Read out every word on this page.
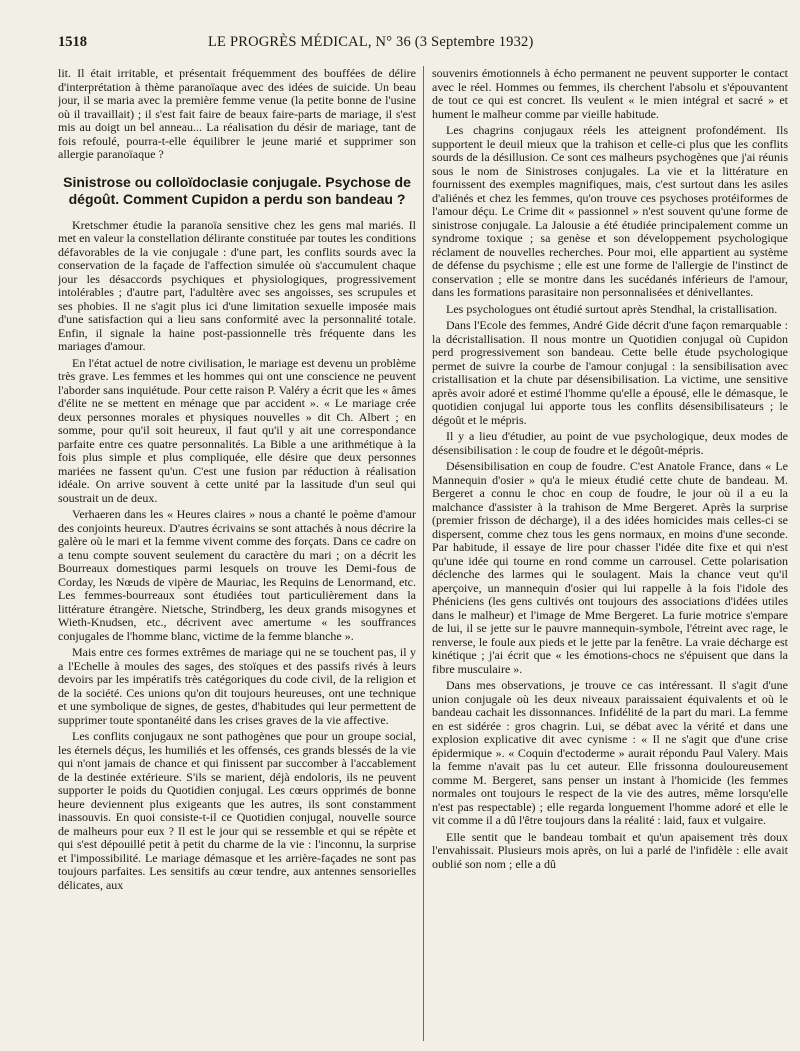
1518	LE PROGRÈS MÉDICAL, N° 36 (3 Septembre 1932)

lit. Il était irritable, et présentait fréquemment des bouffées de délire d'interprétation à thème paranoïaque avec des idées de suicide. Un beau jour, il se maria avec la première femme venue (la petite bonne de l'usine où il travaillait) ; il s'est fait faire de beaux faire-parts de mariage, il s'est mis au doigt un bel anneau... La réalisation du désir de mariage, tant de fois refoulé, pourra-t-elle équilibrer le jeune marié et supprimer son allergie paranoïaque ?

Sinistrose ou colloïdoclasie conjugale. Psychose de dégoût. Comment Cupidon a perdu son bandeau ?

Kretschmer étudie la paranoïa sensitive chez les gens mal mariés. Il met en valeur la constellation délirante constituée par toutes les conditions défavorables de la vie conjugale : d'une part, les conflits sourds avec la conservation de la façade de l'affection simulée où s'accumulent chaque jour les désaccords psychiques et physiologiques, progressivement intolérables ; d'autre part, l'adultère avec ses angoisses, ses scrupules et ses phobies. Il ne s'agit plus ici d'une limitation sexuelle imposée mais d'une satisfaction qui a lieu sans conformité avec la personnalité totale. Enfin, il signale la haine post-passionnelle très fréquente dans les mariages d'amour.

En l'état actuel de notre civilisation, le mariage est devenu un problème très grave. Les femmes et les hommes qui ont une conscience ne peuvent l'aborder sans inquiétude. Pour cette raison P. Valéry a écrit que les « âmes d'élite ne se mettent en ménage que par accident ». « Le mariage crée deux personnes morales et physiques nouvelles » dit Ch. Albert ; en somme, pour qu'il soit heureux, il faut qu'il y ait une correspondance parfaite entre ces quatre personnalités. La Bible a une arithmétique à la fois plus simple et plus compliquée, elle désire que deux personnes mariées ne fassent qu'un. C'est une fusion par réduction à réalisation idéale. On arrive souvent à cette unité par la lassitude d'un seul qui soustrait un de deux.

Verhaeren dans les « Heures claires » nous a chanté le poème d'amour des conjoints heureux. D'autres écrivains se sont attachés à nous décrire la galère où le mari et la femme vivent comme des forçats. Dans ce cadre on a tenu compte souvent seulement du caractère du mari ; on a décrit les Bourreaux domestiques parmi lesquels on trouve les Demi-fous de Corday, les Nœuds de vipère de Mauriac, les Requins de Lenormand, etc. Les femmes-bourreaux sont étudiées tout particulièrement dans la littérature étrangère. Nietsche, Strindberg, les deux grands misogynes et Wieth-Knudsen, etc., décrivent avec amertume « les souffrances conjugales de l'homme blanc, victime de la femme blanche ».

Mais entre ces formes extrêmes de mariage qui ne se touchent pas, il y a l'Echelle à moules des sages, des stoïques et des passifs rivés à leurs devoirs par les impératifs très catégoriques du code civil, de la religion et de la société. Ces unions qu'on dit toujours heureuses, ont une technique et une symbolique de signes, de gestes, d'habitudes qui leur permettent de supprimer toute spontanéité dans les crises graves de la vie affective.

Les conflits conjugaux ne sont pathogènes que pour un groupe social, les éternels déçus, les humiliés et les offensés, ces grands blessés de la vie qui n'ont jamais de chance et qui finissent par succomber à l'accablement de la destinée extérieure. S'ils se marient, déjà endoloris, ils ne peuvent supporter le poids du Quotidien conjugal. Les cœurs opprimés de bonne heure deviennent plus exigeants que les autres, ils sont constamment inassouvis. En quoi consiste-t-il ce Quotidien conjugal, nouvelle source de malheurs pour eux ? Il est le jour qui se ressemble et qui se répète et qui s'est dépouillé petit à petit du charme de la vie : l'inconnu, la surprise et l'impossibilité. Le mariage démasque et les arrière-façades ne sont pas toujours parfaites. Les sensitifs au cœur tendre, aux antennes sensorielles délicates, aux

souvenirs émotionnels à écho permanent ne peuvent supporter le contact avec le réel. Hommes ou femmes, ils cherchent l'absolu et s'épouvantent de tout ce qui est concret. Ils veulent « le mien intégral et sacré » et hument le malheur comme par vieille habitude.

Les chagrins conjugaux réels les atteignent profondément. Ils supportent le deuil mieux que la trahison et celle-ci plus que les conflits sourds de la désillusion. Ce sont ces malheurs psychogènes que j'ai réunis sous le nom de Sinistroses conjugales. La vie et la littérature en fournissent des exemples magnifiques, mais, c'est surtout dans les asiles d'aliénés et chez les femmes, qu'on trouve ces psychoses protéiformes de l'amour déçu. Le Crime dit « passionnel » n'est souvent qu'une forme de sinistrose conjugale. La Jalousie a été étudiée principalement comme un syndrome toxique ; sa genèse et son développement psychologique réclament de nouvelles recherches. Pour moi, elle appartient au système de défense du psychisme ; elle est une forme de l'allergie de l'instinct de conservation ; elle se montre dans les sucédanés inférieurs de l'amour, dans les formations parasitaire non personnalisées et dénivellantes.

Les psychologues ont étudié surtout après Stendhal, la cristallisation.

Dans l'Ecole des femmes, André Gide décrit d'une façon remarquable : la décristallisation. Il nous montre un Quotidien conjugal où Cupidon perd progressivement son bandeau. Cette belle étude psychologique permet de suivre la courbe de l'amour conjugal : la sensibilisation avec cristallisation et la chute par désensibilisation. La victime, une sensitive après avoir adoré et estimé l'homme qu'elle a épousé, elle le démasque, le quotidien conjugal lui apporte tous les conflits désensibilisateurs ; le dégoût et le mépris.

Il y a lieu d'étudier, au point de vue psychologique, deux modes de désensibilisation : le coup de foudre et le dégoût-mépris.

Désensibilisation en coup de foudre. C'est Anatole France, dans « Le Mannequin d'osier » qu'a le mieux étudié cette chute de bandeau. M. Bergeret a connu le choc en coup de foudre, le jour où il a eu la malchance d'assister à la trahison de Mme Bergeret. Après la surprise (premier frisson de décharge), il a des idées homicides mais celles-ci se dispersent, comme chez tous les gens normaux, en moins d'une seconde. Par habitude, il essaye de lire pour chasser l'idée dite fixe et qui n'est qu'une idée qui tourne en rond comme un carrousel. Cette polarisation déclenche des larmes qui le soulagent. Mais la chance veut qu'il aperçoive, un mannequin d'osier qui lui rappelle à la fois l'idole des Phéniciens (les gens cultivés ont toujours des associations d'idées utiles dans le malheur) et l'image de Mme Bergeret. La furie motrice s'empare de lui, il se jette sur le pauvre mannequin-symbole, l'étreint avec rage, le renverse, le foule aux pieds et le jette par la fenêtre. La vraie décharge est kinétique ; j'ai écrit que « les émotions-chocs ne s'épuisent que dans la fibre musculaire ».

Dans mes observations, je trouve ce cas intéressant. Il s'agit d'une union conjugale où les deux niveaux paraissaient équivalents et où le bandeau cachait les dissonnances. Infidélité de la part du mari. La femme en est sidérée : gros chagrin. Lui, se débat avec la vérité et dans une explosion explicative dit avec cynisme : « Il ne s'agit que d'une crise épidermique ». « Coquin d'ectoderme » aurait répondu Paul Valery. Mais la femme n'avait pas lu cet auteur. Elle frissonna douloureusement comme M. Bergeret, sans penser un instant à l'homicide (les femmes normales ont toujours le respect de la vie des autres, même lorsqu'elle n'est pas respectable) ; elle regarda longuement l'homme adoré et elle le vit comme il a dû l'être toujours dans la réalité : laid, faux et vulgaire.

Elle sentit que le bandeau tombait et qu'un apaisement très doux l'envahissait. Plusieurs mois après, on lui a parlé de l'infidèle : elle avait oublié son nom ; elle a dû
